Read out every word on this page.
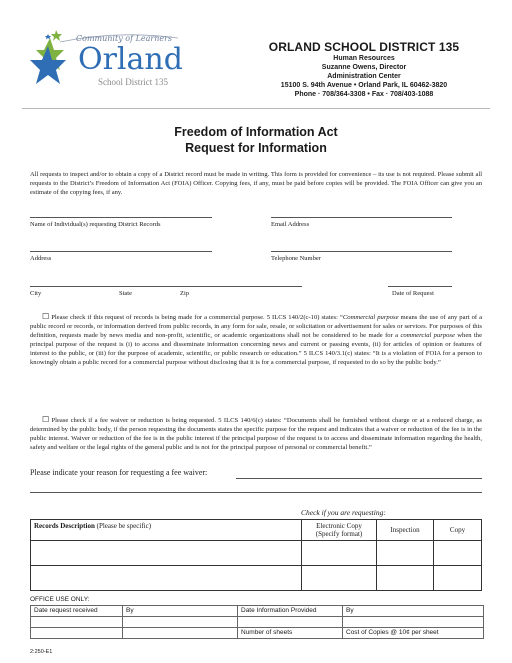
Community of Learners
Orland
School District 135
ORLAND SCHOOL DISTRICT 135
Human Resources
Suzanne Owens, Director
Administration Center
15100 S. 94th Avenue • Orland Park, IL 60462-3820
Phone · 708/364-3308 • Fax · 708/403-1088
Freedom of Information Act
Request for Information
All requests to inspect and/or to obtain a copy of a District record must be made in writing. This form is provided for convenience – its use is not required. Please submit all requests to the District’s Freedom of Information Act (FOIA) Officer. Copying fees, if any, must be paid before copies will be provided. The FOIA Officer can give you an estimate of the copying fees, if any.
Name of Individual(s) requesting District Records	Email Address
Address	Telephone Number
City	State	Zip	Date of Request
☐ Please check if this request of records is being made for a commercial purpose. 5 ILCS 140/2(c-10) states: “Commercial purpose means the use of any part of a public record or records, or information derived from public records, in any form for sale, resale, or solicitation or advertisement for sales or services. For purposes of this definition, requests made by news media and non-profit, scientific, or academic organizations shall not be considered to be made for a commercial purpose when the principal purpose of the request is (i) to access and disseminate information concerning news and current or passing events, (ii) for articles of opinion or features of interest to the public, or (iii) for the purpose of academic, scientific, or public research or education.” 5 ILCS 140/3.1(c) states: “It is a violation of FOIA for a person to knowingly obtain a public record for a commercial purpose without disclosing that it is for a commercial purpose, if requested to do so by the public body.”
☐ Please check if a fee waiver or reduction is being requested. 5 ILCS 140/6(c) states: “Documents shall be furnished without charge or at a reduced charge, as determined by the public body, if the person requesting the documents states the specific purpose for the request and indicates that a waiver or reduction of the fee is in the public interest. Waiver or reduction of the fee is in the public interest if the principal purpose of the request is to access and disseminate information regarding the health, safety and welfare or the legal rights of the general public and is not for the principal purpose of personal or commercial benefit.”
Please indicate your reason for requesting a fee waiver:
Check if you are requesting:
Records Description (Please be specific)	Electronic Copy (Specify format)	Inspection	Copy

OFFICE USE ONLY:
Date request received	By	Date Information Provided	By

		Number of sheets	Cost of Copies @ 10¢ per sheet
2:250-E1
